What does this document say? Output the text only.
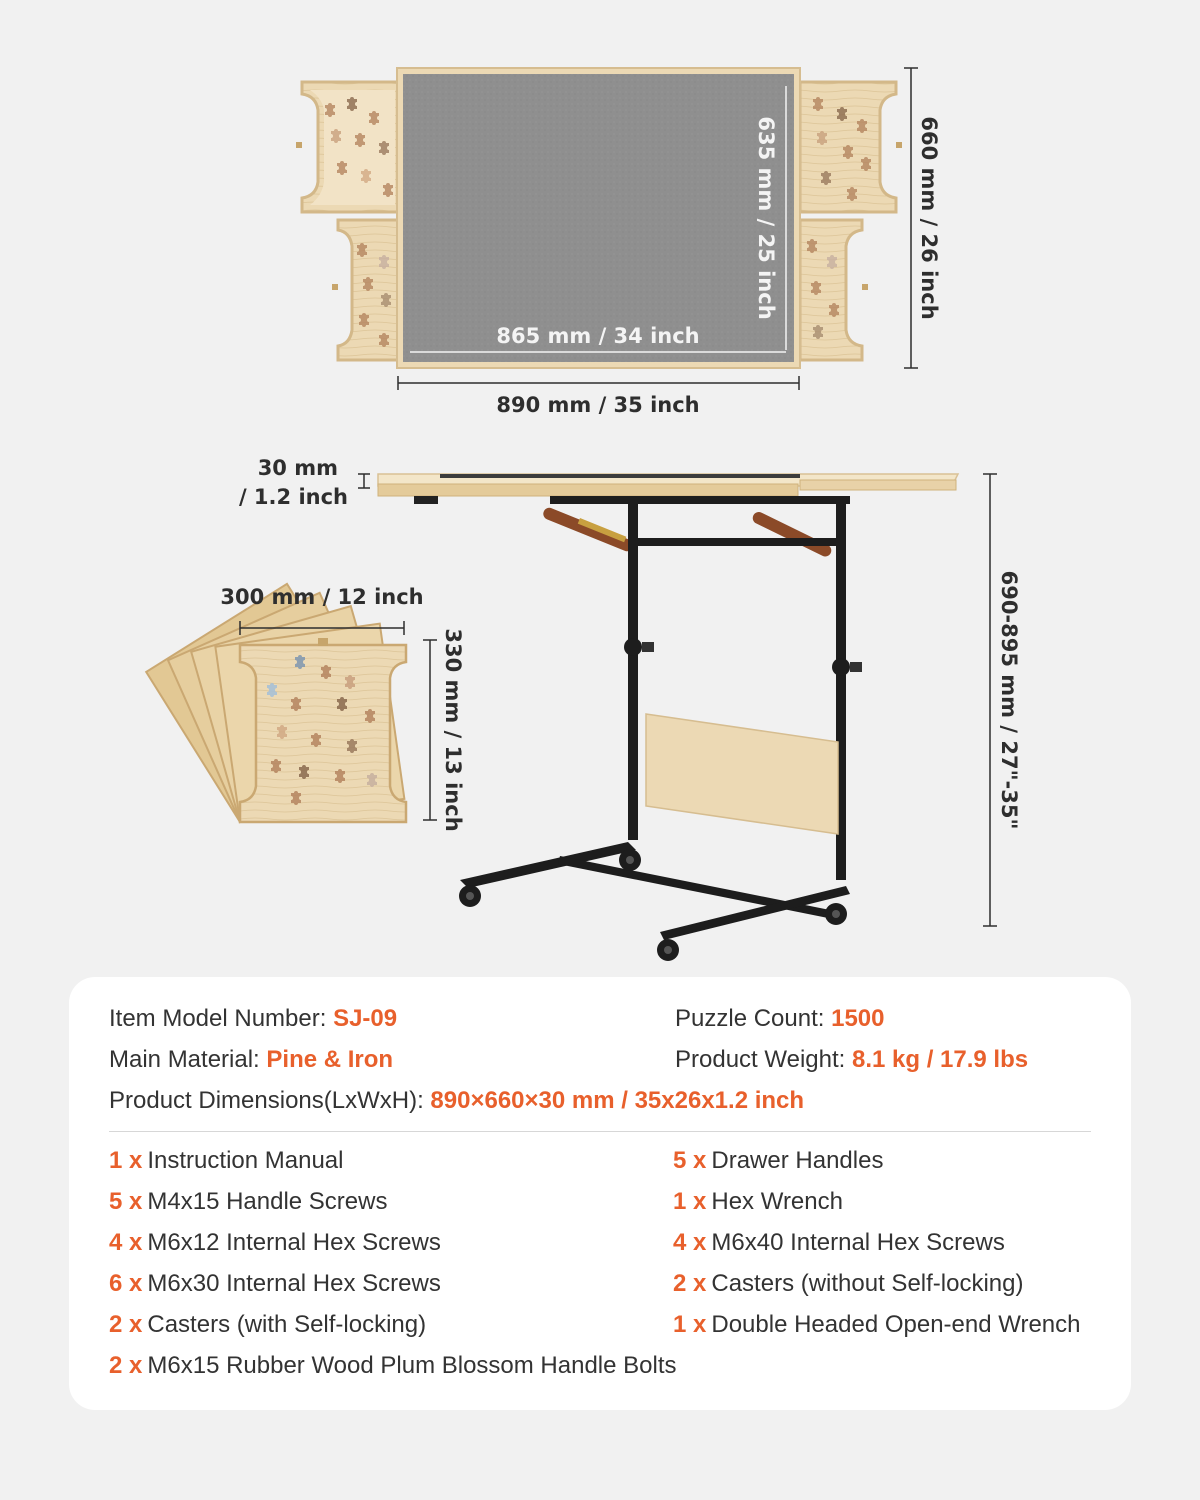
865 mm / 34 inch
635 mm / 25 inch
890 mm / 35 inch
660 mm / 26 inch
30 mm
/ 1.2 inch
690-895 mm / 27"-35"
300 mm / 12 inch
330 mm / 13 inch
Item Model Number: SJ-09	Puzzle Count: 1500
Main Material: Pine & Iron	Product Weight: 8.1 kg / 17.9 lbs
Product Dimensions(LxWxH): 890×660×30 mm / 35x26x1.2 inch
1 x Instruction Manual	5 x Drawer Handles
5 x M4x15 Handle Screws	1 x Hex Wrench
4 x M6x12 Internal Hex Screws	4 x M6x40 Internal Hex Screws
6 x M6x30 Internal Hex Screws	2 x Casters (without Self-locking)
2 x Casters (with Self-locking)	1 x Double Headed Open-end Wrench
2 x M6x15 Rubber Wood Plum Blossom Handle Bolts
